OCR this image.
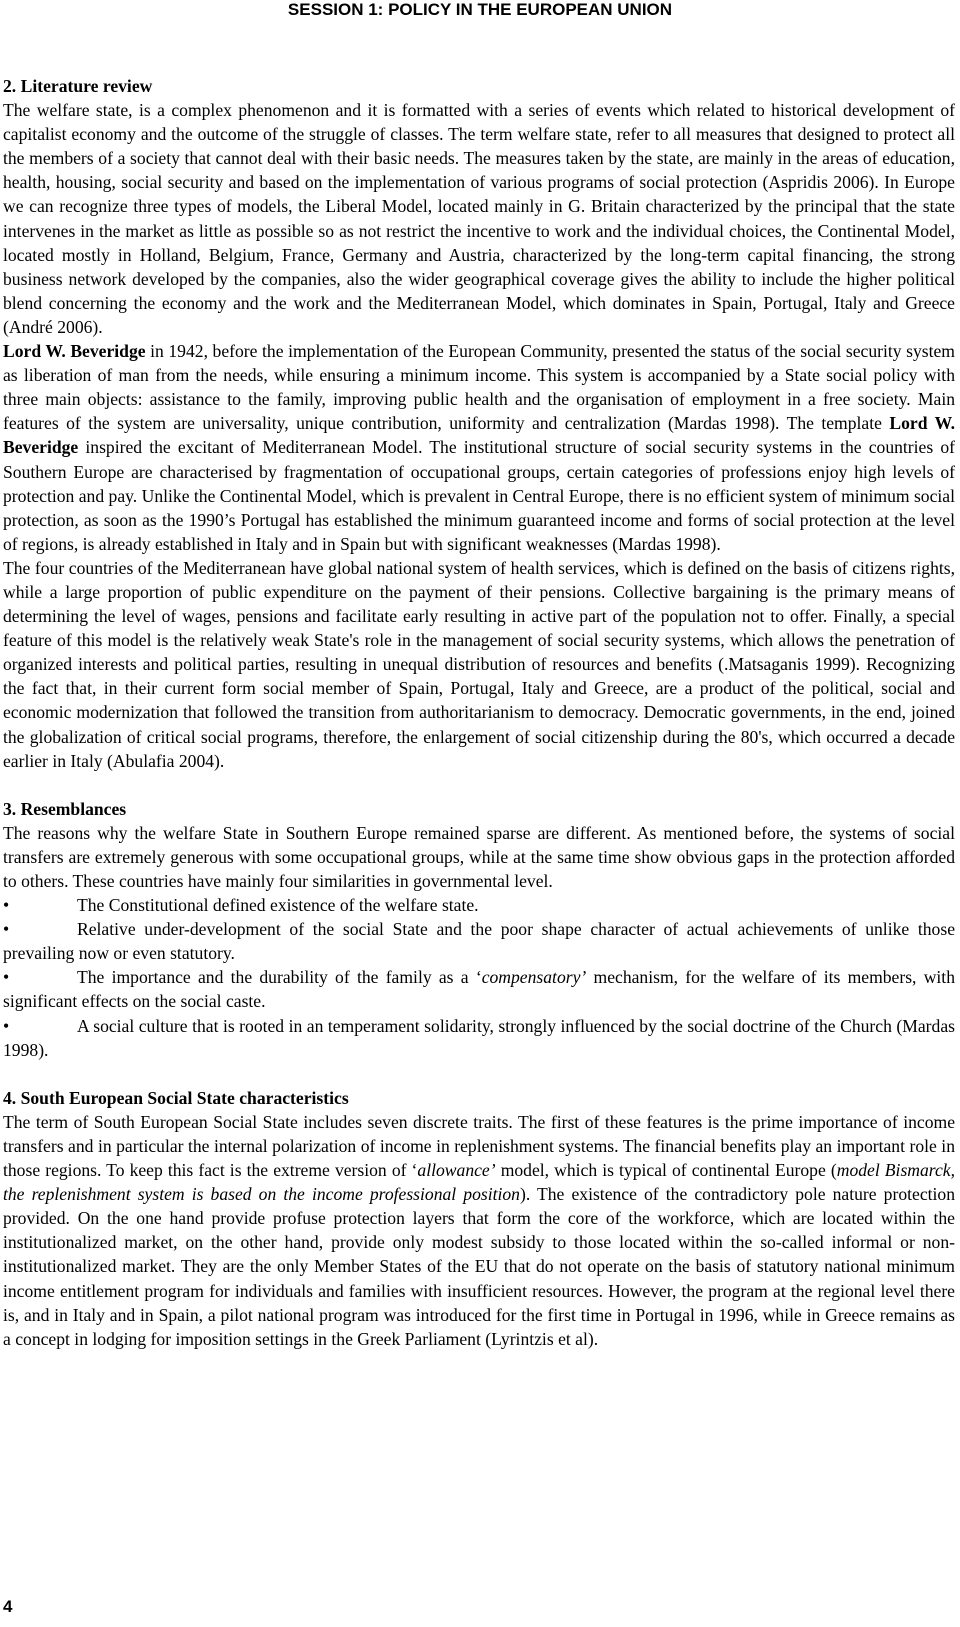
SESSION 1: POLICY IN THE EUROPEAN UNION

2. Literature review

The welfare state, is a complex phenomenon and it is formatted with a series of events which related to historical development of capitalist economy and the outcome of the struggle of classes. The term welfare state, refer to all measures that designed to protect all the members of a society that cannot deal with their basic needs. The measures taken by the state, are mainly in the areas of education, health, housing, social security and based on the implementation of various programs of social protection (Aspridis 2006). In Europe we can recognize three types of models, the Liberal Model, located mainly in G. Britain characterized by the principal that the state intervenes in the market as little as possible so as not restrict the incentive to work and the individual choices, the Continental Model, located mostly in Holland, Belgium, France, Germany and Austria, characterized by the long-term capital financing, the strong business network developed by the companies, also the wider geographical coverage gives the ability to include the higher political blend concerning the economy and the work and the Mediterranean Model, which dominates in Spain, Portugal, Italy and Greece (André 2006).

Lord W. Beveridge in 1942, before the implementation of the European Community, presented the status of the social security system as liberation of man from the needs, while ensuring a minimum income. This system is accompanied by a State social policy with three main objects: assistance to the family, improving public health and the organisation of employment in a free society. Main features of the system are universality, unique contribution, uniformity and centralization (Mardas 1998). The template Lord W. Beveridge inspired the excitant of Mediterranean Model. The institutional structure of social security systems in the countries of Southern Europe are characterised by fragmentation of occupational groups, certain categories of professions enjoy high levels of protection and pay. Unlike the Continental Model, which is prevalent in Central Europe, there is no efficient system of minimum social protection, as soon as the 1990’s Portugal has established the minimum guaranteed income and forms of social protection at the level of regions, is already established in Italy and in Spain but with significant weaknesses (Mardas 1998).

The four countries of the Mediterranean have global national system of health services, which is defined on the basis of citizens rights, while a large proportion of public expenditure on the payment of their pensions. Collective bargaining is the primary means of determining the level of wages, pensions and facilitate early resulting in active part of the population not to offer. Finally, a special feature of this model is the relatively weak State's role in the management of social security systems, which allows the penetration of organized interests and political parties, resulting in unequal distribution of resources and benefits (.Matsaganis 1999). Recognizing the fact that, in their current form social member of Spain, Portugal, Italy and Greece, are a product of the political, social and economic modernization that followed the transition from authoritarianism to democracy. Democratic governments, in the end, joined the globalization of critical social programs, therefore, the enlargement of social citizenship during the 80's, which occurred a decade earlier in Italy (Abulafia 2004).

3. Resemblances

The reasons why the welfare State in Southern Europe remained sparse are different. As mentioned before, the systems of social transfers are extremely generous with some occupational groups, while at the same time show obvious gaps in the protection afforded to others. These countries have mainly four similarities in governmental level.

•	The Constitutional defined existence of the welfare state.

•	Relative under-development of the social State and the poor shape character of actual achievements of unlike those prevailing now or even statutory.

•	The importance and the durability of the family as a ‘compensatory’ mechanism, for the welfare of its members, with significant effects on the social caste.

•	A social culture that is rooted in an temperament solidarity, strongly influenced by the social doctrine of the Church (Mardas 1998).

4. South European Social State characteristics

The term of South European Social State includes seven discrete traits. The first of these features is the prime importance of income transfers and in particular the internal polarization of income in replenishment systems. The financial benefits play an important role in those regions. To keep this fact is the extreme version of ‘allowance’ model, which is typical of continental Europe (model Bismarck, the replenishment system is based on the income professional position). The existence of the contradictory pole nature protection provided. On the one hand provide profuse protection layers that form the core of the workforce, which are located within the institutionalized market, on the other hand, provide only modest subsidy to those located within the so-called informal or non-institutionalized market. They are the only Member States of the EU that do not operate on the basis of statutory national minimum income entitlement program for individuals and families with insufficient resources. However, the program at the regional level there is, and in Italy and in Spain, a pilot national program was introduced for the first time in Portugal in 1996, while in Greece remains as a concept in lodging for imposition settings in the Greek Parliament (Lyrintzis et al).

4
